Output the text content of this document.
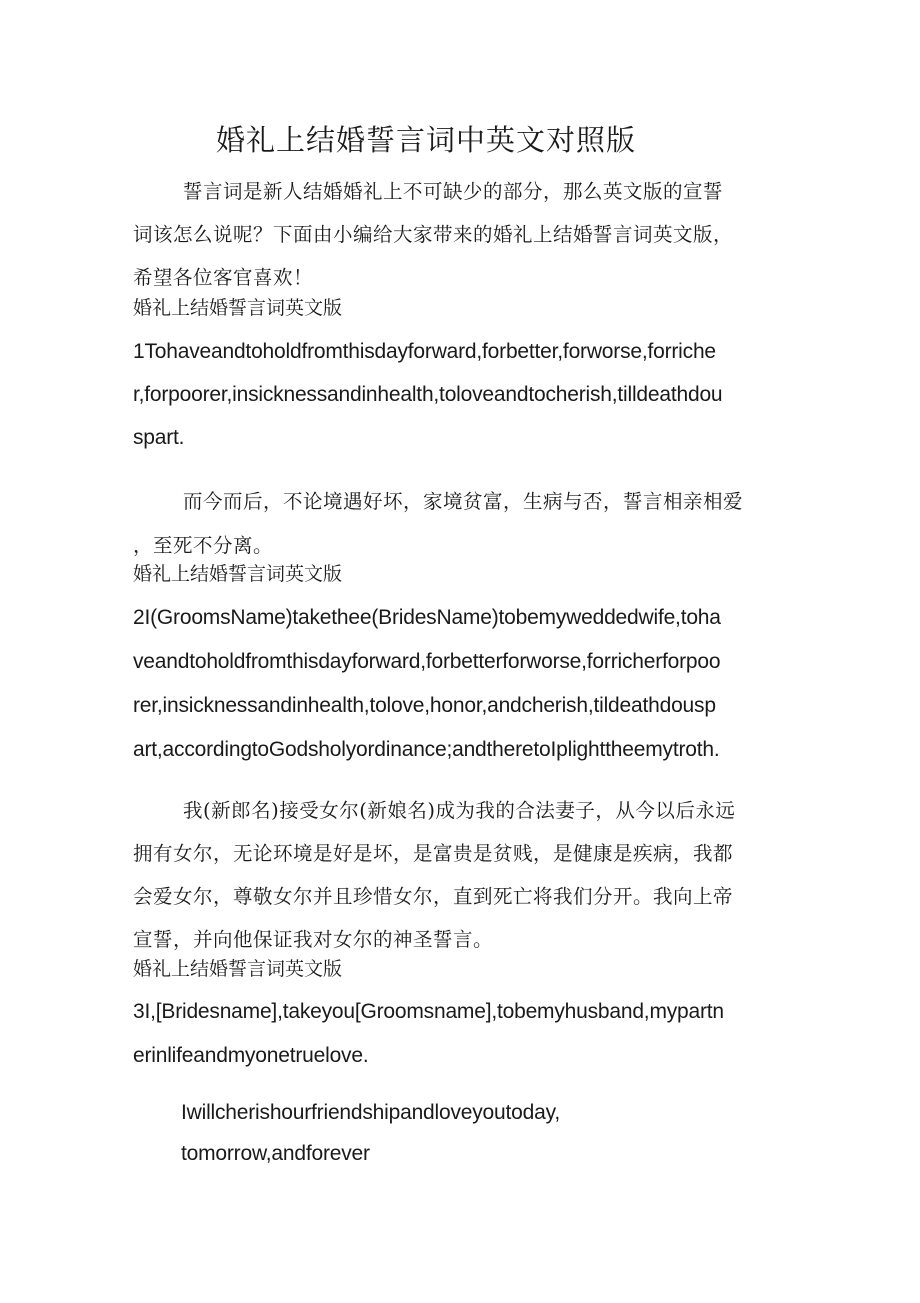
婚礼上结婚誓言词中英文对照版
誓言词是新人结婚婚礼上不可缺少的部分，那么英文版的宣誓
词该怎么说呢？下面由小编给大家带来的婚礼上结婚誓言词英文版，
希望各位客官喜欢！
婚礼上结婚誓言词英文版
1Tohaveandtoholdfromthisdayforward,forbetter,forworse,forriche
r,forpoorer,insicknessandinhealth,toloveandtocherish,tilldeathdou
spart.
而今而后，不论境遇好坏，家境贫富，生病与否，誓言相亲相爱
，至死不分离。
婚礼上结婚誓言词英文版
2I(GroomsName)takethee(BridesName)tobemyweddedwife,toha
veandtoholdfromthisdayforward,forbetterforworse,forricherforpoo
rer,insicknessandinhealth,tolove,honor,andcherish,tildeathdousp
art,accordingtoGodsholyordinance;andtheretoIplighttheemytroth.
我(新郎名)接受女尔(新娘名)成为我的合法妻子，从今以后永远
拥有女尔，无论环境是好是坏，是富贵是贫贱，是健康是疾病，我都
会爱女尔，尊敬女尔并且珍惜女尔，直到死亡将我们分开。我向上帝
宣誓，并向他保证我对女尔的神圣誓言。
婚礼上结婚誓言词英文版
3I,[Bridesname],takeyou[Groomsname],tobemyhusband,mypartn
erinlifeandmyonetruelove.
Iwillcherishourfriendshipandloveyoutoday,
tomorrow,andforever
